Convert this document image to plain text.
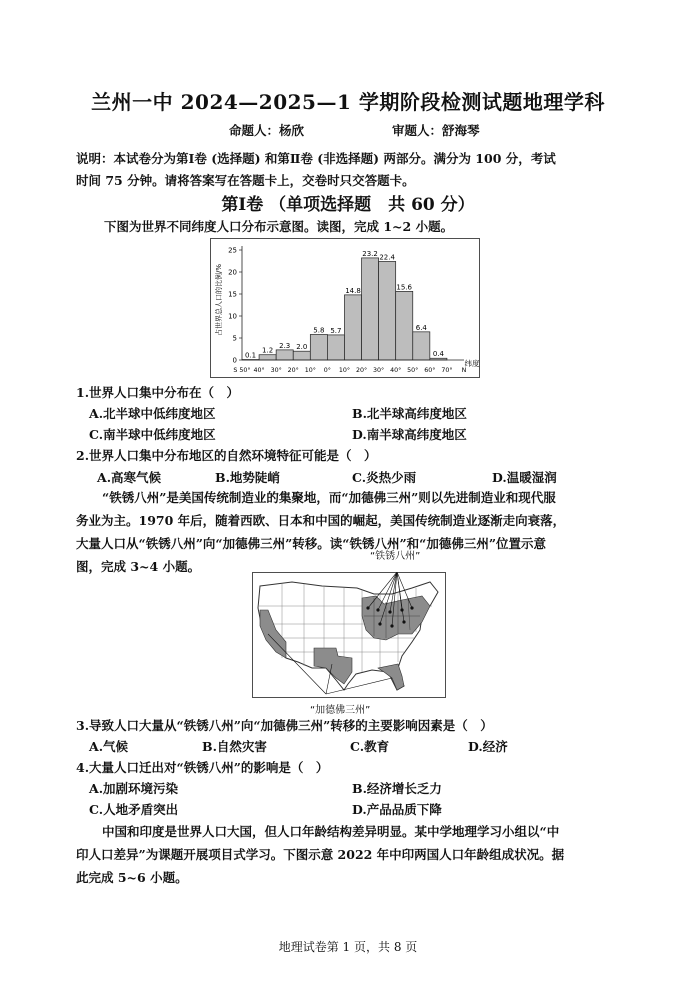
兰州一中 2024—2025—1 学期阶段检测试题地理学科
命题人：杨欣	审题人：舒海琴
说明：本试卷分为第Ⅰ卷 (选择题) 和第Ⅱ卷 (非选择题) 两部分。满分为 100 分，考试
时间 75 分钟。请将答案写在答题卡上，交卷时只交答题卡。
第Ⅰ卷 （单项选择题　共 60 分）
下图为世界不同纬度人口分布示意图。读图，完成 1~2 小题。
占世界总人口的比例/%
0
5
10
15
20
25
0.1
1.2
2.3 2.0
5.8 5.7
14.8
23.2 22.4
15.6
6.4
0.4
S 50° 40° 30° 20° 10° 0° 10° 20° 30° 40° 50° 60° 70° N
纬度
1.世界人口集中分布在（　）
A.北半球中低纬度地区	B.北半球高纬度地区
C.南半球中低纬度地区	D.南半球高纬度地区
2.世界人口集中分布地区的自然环境特征可能是（　）
A.高寒气候	B.地势陡峭	C.炎热少雨	D.温暖湿润
“铁锈八州”是美国传统制造业的集聚地，而“加德佛三州”则以先进制造业和现代服
务业为主。1970 年后，随着西欧、日本和中国的崛起，美国传统制造业逐渐走向衰落，
大量人口从“铁锈八州”向“加德佛三州”转移。读“铁锈八州”和“加德佛三州”位置示意
图，完成 3~4 小题。
“铁锈八州”
“加德佛三州”
3.导致人口大量从“铁锈八州”向“加德佛三州”转移的主要影响因素是（　）
A.气候	B.自然灾害	C.教育	D.经济
4.大量人口迁出对“铁锈八州”的影响是（　）
A.加剧环境污染	B.经济增长乏力
C.人地矛盾突出	D.产品品质下降
中国和印度是世界人口大国，但人口年龄结构差异明显。某中学地理学习小组以“中
印人口差异”为课题开展项目式学习。下图示意 2022 年中印两国人口年龄组成状况。据
此完成 5~6 小题。
地理试卷第 1 页，共 8 页
